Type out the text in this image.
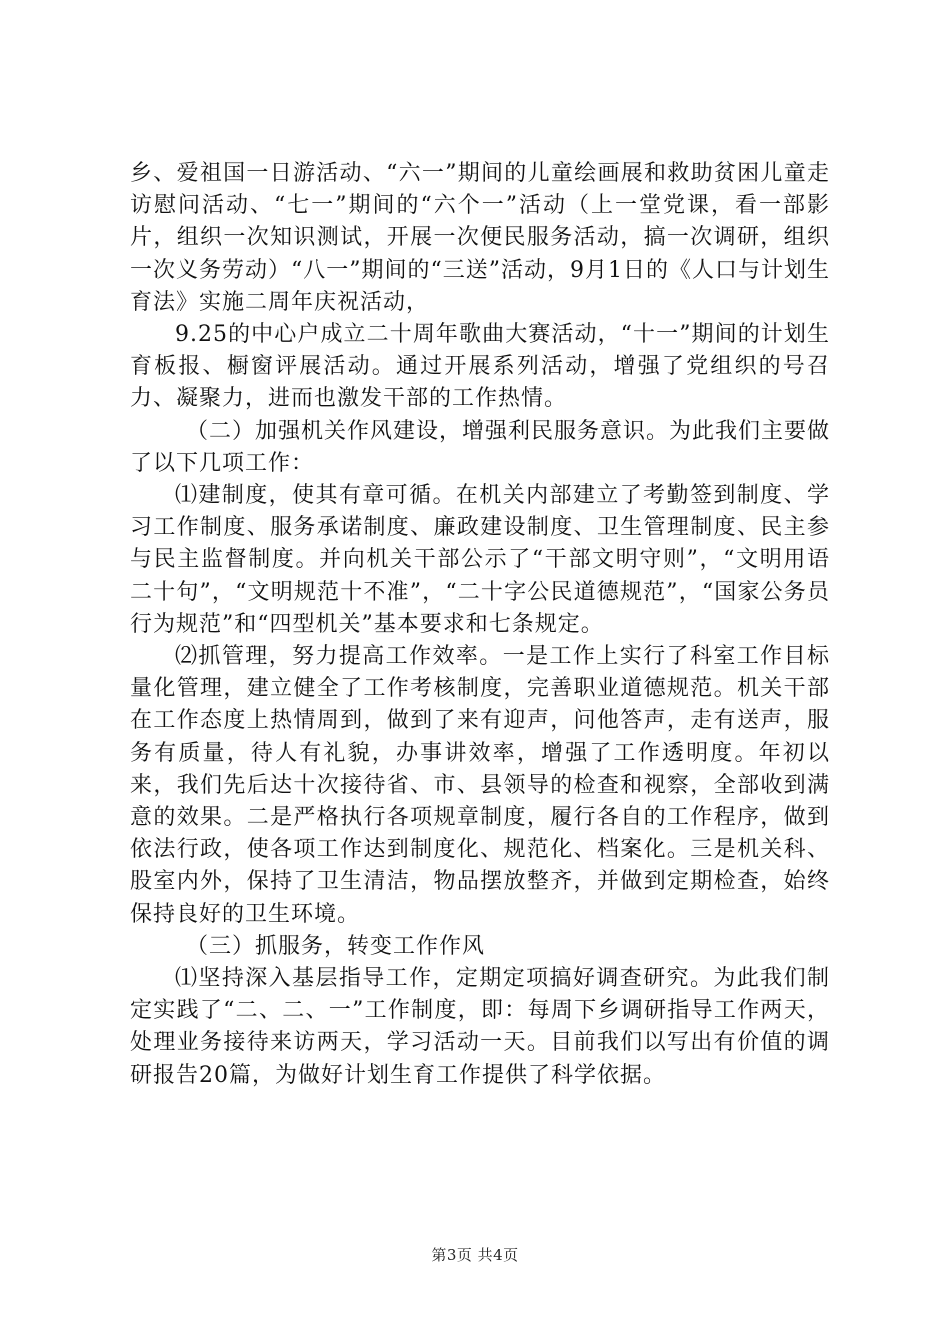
乡、爱祖国一日游活动、“六一”期间的儿童绘画展和救助贫困儿童走访慰问活动、“七一”期间的“六个一”活动（上一堂党课，看一部影片，组织一次知识测试，开展一次便民服务活动，搞一次调研，组织一次义务劳动）“八一”期间的“三送”活动，9月1日的《人口与计划生育法》实施二周年庆祝活动，

9.25的中心户成立二十周年歌曲大赛活动，“十一”期间的计划生育板报、橱窗评展活动。通过开展系列活动，增强了党组织的号召力、凝聚力，进而也激发干部的工作热情。

（二）加强机关作风建设，增强利民服务意识。为此我们主要做了以下几项工作：

⑴建制度，使其有章可循。在机关内部建立了考勤签到制度、学习工作制度、服务承诺制度、廉政建设制度、卫生管理制度、民主参与民主监督制度。并向机关干部公示了“干部文明守则”，“文明用语二十句”，“文明规范十不准”，“二十字公民道德规范”，“国家公务员行为规范”和“四型机关”基本要求和七条规定。

⑵抓管理，努力提高工作效率。一是工作上实行了科室工作目标量化管理，建立健全了工作考核制度，完善职业道德规范。机关干部在工作态度上热情周到，做到了来有迎声，问他答声，走有送声，服务有质量，待人有礼貌，办事讲效率，增强了工作透明度。年初以来，我们先后达十次接待省、市、县领导的检查和视察，全部收到满意的效果。二是严格执行各项规章制度，履行各自的工作程序，做到依法行政，使各项工作达到制度化、规范化、档案化。三是机关科、股室内外，保持了卫生清洁，物品摆放整齐，并做到定期检查，始终保持良好的卫生环境。

（三）抓服务，转变工作作风

⑴坚持深入基层指导工作，定期定项搞好调查研究。为此我们制定实践了“二、二、一”工作制度，即：每周下乡调研指导工作两天，处理业务接待来访两天，学习活动一天。目前我们以写出有价值的调研报告20篇，为做好计划生育工作提供了科学依据。

第3页 共4页
